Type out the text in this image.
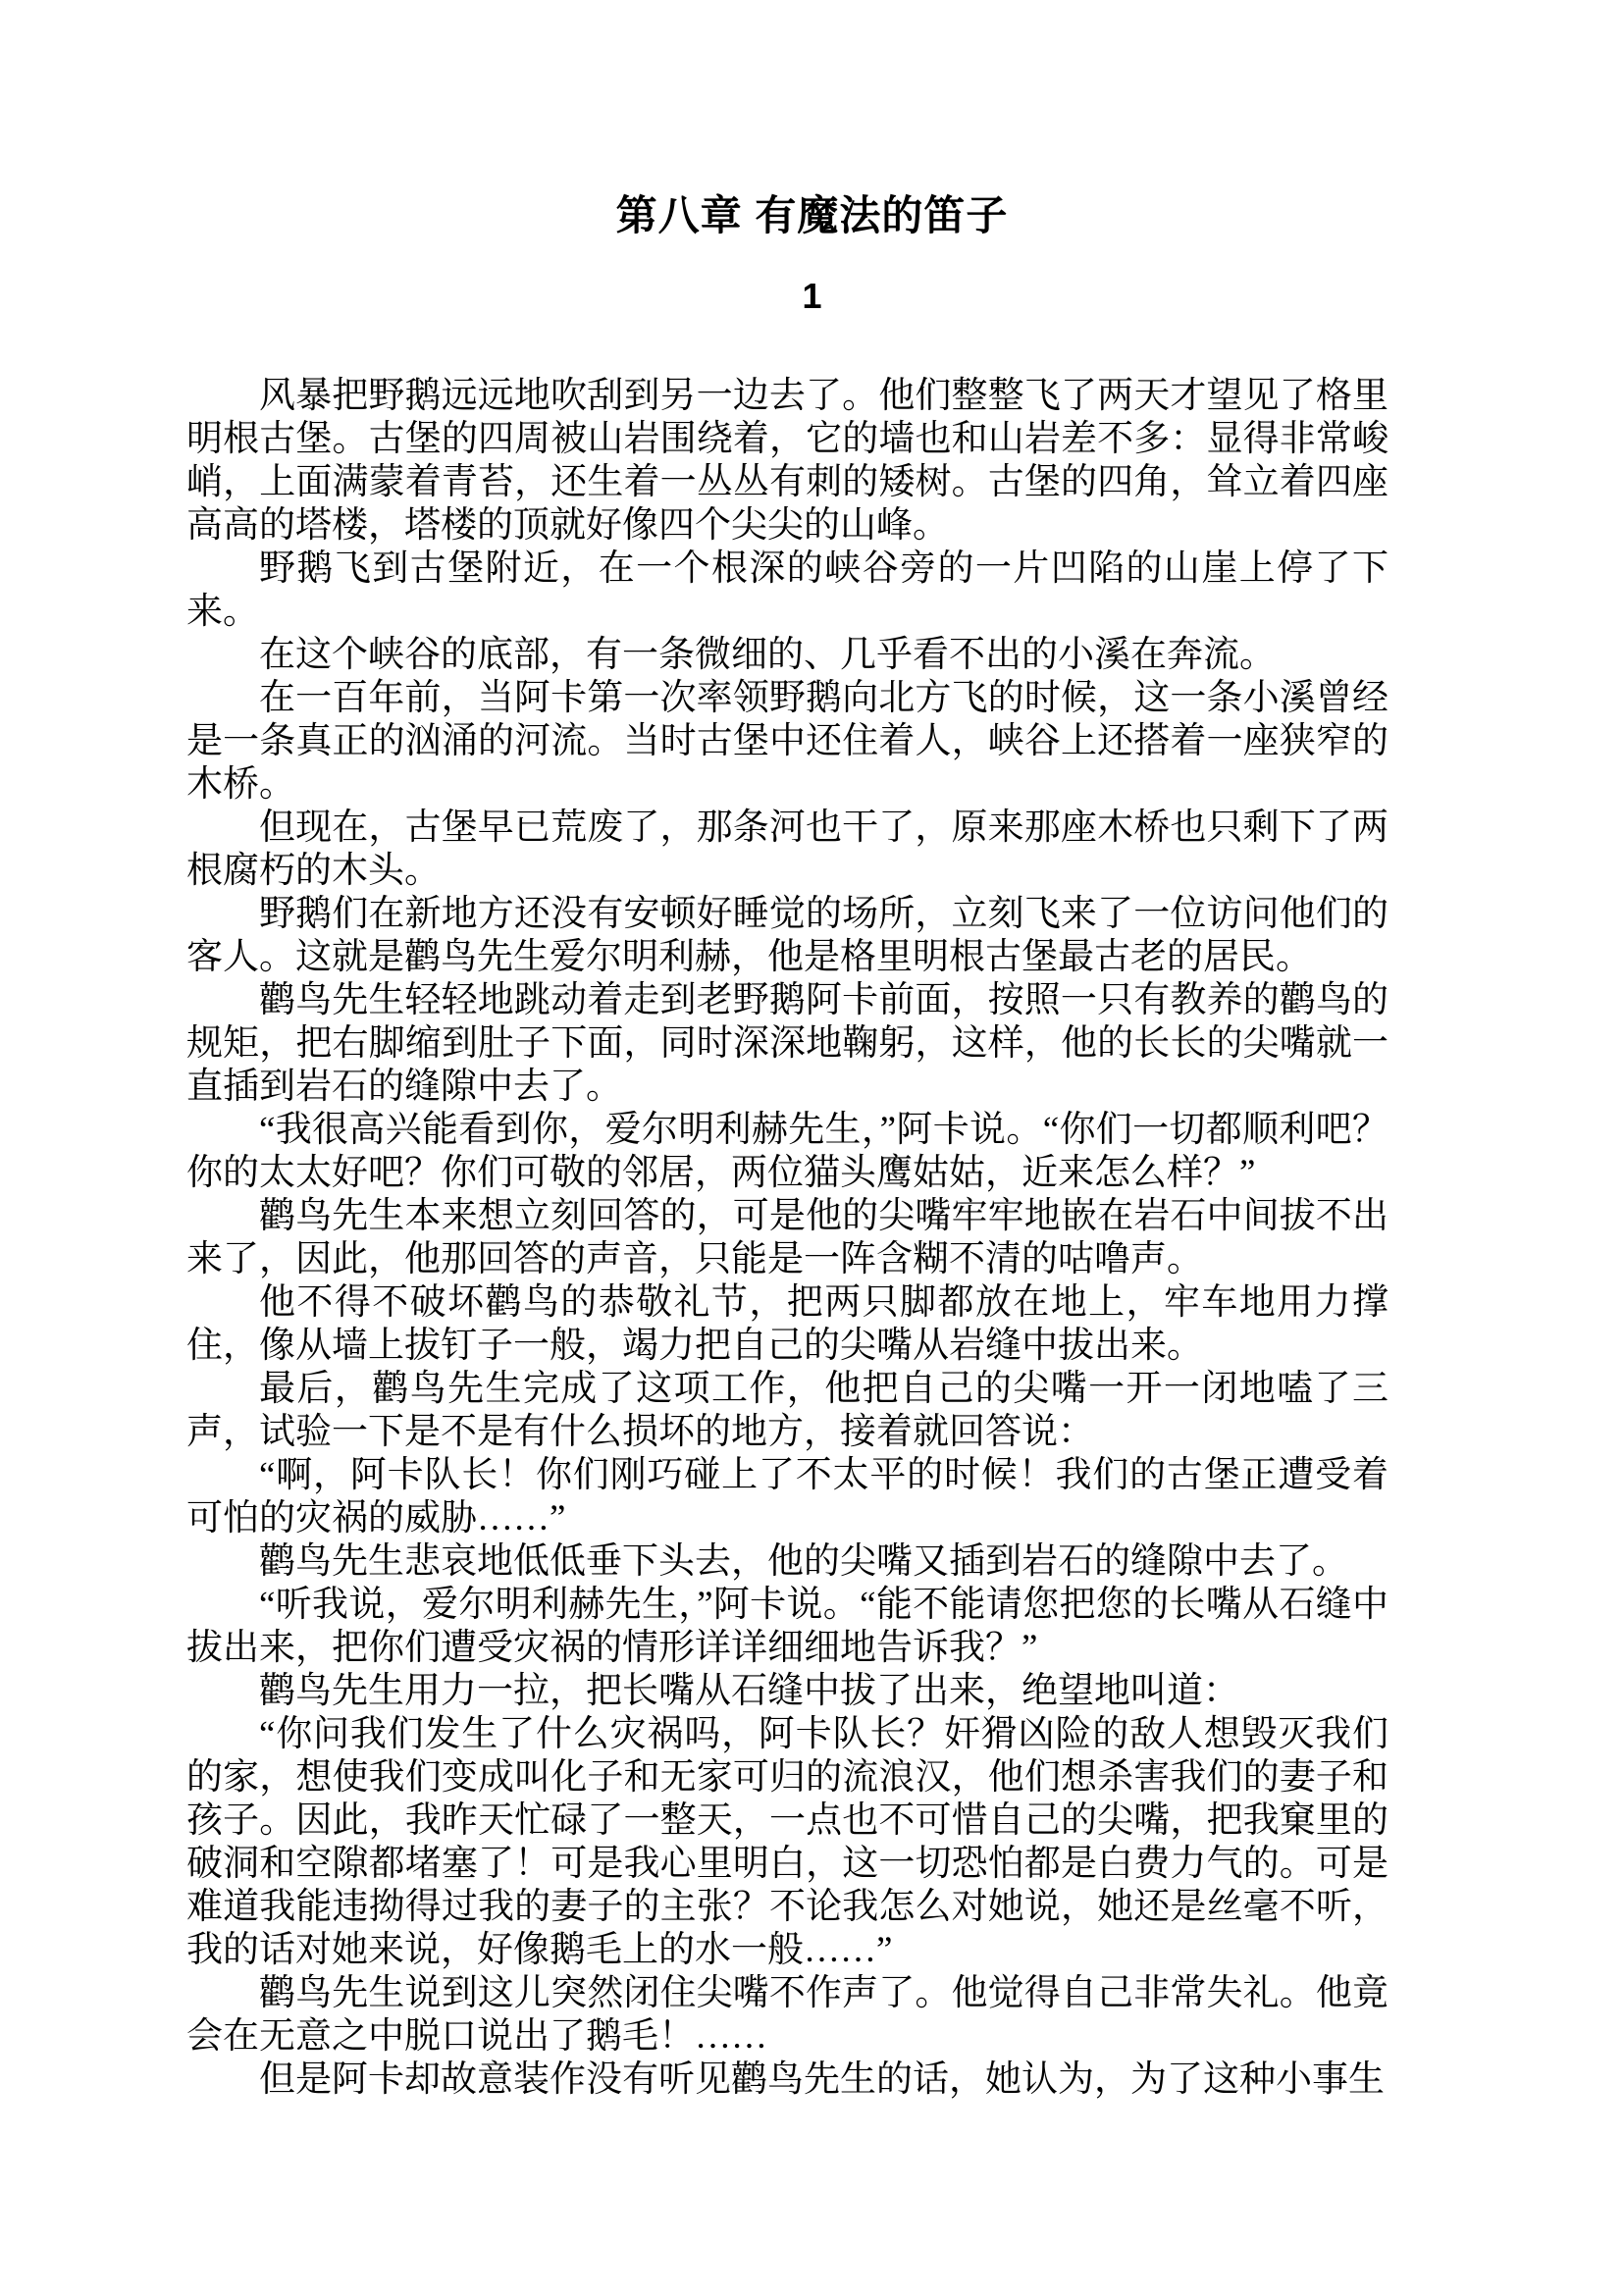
第八章 有魔法的笛子
1

风暴把野鹅远远地吹刮到另一边去了。他们整整飞了两天才望见了格里明根古堡。古堡的四周被山岩围绕着，它的墙也和山岩差不多：显得非常峻峭，上面满蒙着青苔，还生着一丛丛有刺的矮树。古堡的四角，耸立着四座高高的塔楼，塔楼的顶就好像四个尖尖的山峰。

野鹅飞到古堡附近，在一个根深的峡谷旁的一片凹陷的山崖上停了下来。

在这个峡谷的底部，有一条微细的、几乎看不出的小溪在奔流。

在一百年前，当阿卡第一次率领野鹅向北方飞的时候，这一条小溪曾经是一条真正的汹涌的河流。当时古堡中还住着人，峡谷上还搭着一座狭窄的木桥。

但现在，古堡早已荒废了，那条河也干了，原来那座木桥也只剩下了两根腐朽的木头。

野鹅们在新地方还没有安顿好睡觉的场所，立刻飞来了一位访问他们的客人。这就是鹳鸟先生爱尔明利赫，他是格里明根古堡最古老的居民。

鹳鸟先生轻轻地跳动着走到老野鹅阿卡前面，按照一只有教养的鹳鸟的规矩，把右脚缩到肚子下面，同时深深地鞠躬，这样，他的长长的尖嘴就一直插到岩石的缝隙中去了。

“我很高兴能看到你，爱尔明利赫先生，”阿卡说。“你们一切都顺利吧？你的太太好吧？你们可敬的邻居，两位猫头鹰姑姑，近来怎么样？”

鹳鸟先生本来想立刻回答的，可是他的尖嘴牢牢地嵌在岩石中间拔不出来了，因此，他那回答的声音，只能是一阵含糊不清的咕噜声。

他不得不破坏鹳鸟的恭敬礼节，把两只脚都放在地上，牢车地用力撑住，像从墙上拔钉子一般，竭力把自己的尖嘴从岩缝中拔出来。

最后，鹳鸟先生完成了这项工作，他把自己的尖嘴一开一闭地嗑了三声，试验一下是不是有什么损坏的地方，接着就回答说：

“啊，阿卡队长！你们刚巧碰上了不太平的时候！我们的古堡正遭受着可怕的灾祸的威胁……”

鹳鸟先生悲哀地低低垂下头去，他的尖嘴又插到岩石的缝隙中去了。

“听我说，爱尔明利赫先生，”阿卡说。“能不能请您把您的长嘴从石缝中拔出来，把你们遭受灾祸的情形详详细细地告诉我？”

鹳鸟先生用力一拉，把长嘴从石缝中拔了出来，绝望地叫道：

“你问我们发生了什么灾祸吗，阿卡队长？奸猾凶险的敌人想毁灭我们的家，想使我们变成叫化子和无家可归的流浪汉，他们想杀害我们的妻子和孩子。因此，我昨天忙碌了一整天，一点也不可惜自己的尖嘴，把我窠里的破洞和空隙都堵塞了！可是我心里明白，这一切恐怕都是白费力气的。可是难道我能违拗得过我的妻子的主张？不论我怎么对她说，她还是丝毫不听，我的话对她来说，好像鹅毛上的水一般……”

鹳鸟先生说到这儿突然闭住尖嘴不作声了。他觉得自己非常失礼。他竟会在无意之中脱口说出了鹅毛！……

但是阿卡却故意装作没有听见鹳鸟先生的话，她认为，为了这种小事生
